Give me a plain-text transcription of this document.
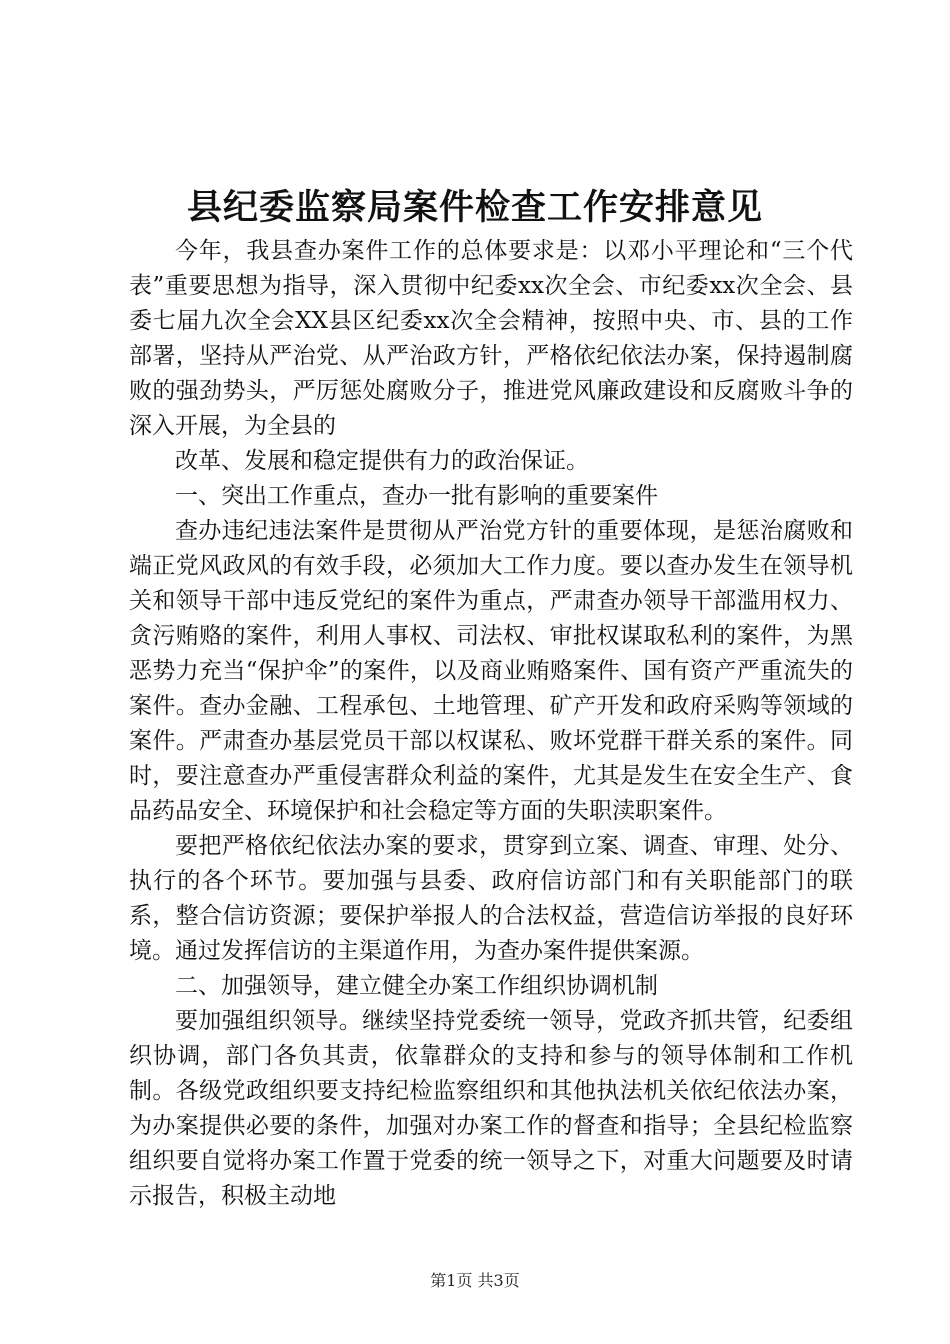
县纪委监察局案件检查工作安排意见

今年，我县查办案件工作的总体要求是：以邓小平理论和“三个代表”重要思想为指导，深入贯彻中纪委xx次全会、市纪委xx次全会、县委七届九次全会XX县区纪委xx次全会精神，按照中央、市、县的工作部署，坚持从严治党、从严治政方针，严格依纪依法办案，保持遏制腐败的强劲势头，严厉惩处腐败分子，推进党风廉政建设和反腐败斗争的深入开展，为全县的

改革、发展和稳定提供有力的政治保证。

一、突出工作重点，查办一批有影响的重要案件

查办违纪违法案件是贯彻从严治党方针的重要体现，是惩治腐败和端正党风政风的有效手段，必须加大工作力度。要以查办发生在领导机关和领导干部中违反党纪的案件为重点，严肃查办领导干部滥用权力、贪污贿赂的案件，利用人事权、司法权、审批权谋取私利的案件，为黑恶势力充当“保护伞”的案件，以及商业贿赂案件、国有资产严重流失的案件。查办金融、工程承包、土地管理、矿产开发和政府采购等领域的案件。严肃查办基层党员干部以权谋私、败坏党群干群关系的案件。同时，要注意查办严重侵害群众利益的案件，尤其是发生在安全生产、食品药品安全、环境保护和社会稳定等方面的失职渎职案件。

要把严格依纪依法办案的要求，贯穿到立案、调查、审理、处分、执行的各个环节。要加强与县委、政府信访部门和有关职能部门的联系，整合信访资源；要保护举报人的合法权益，营造信访举报的良好环境。通过发挥信访的主渠道作用，为查办案件提供案源。

二、加强领导，建立健全办案工作组织协调机制

要加强组织领导。继续坚持党委统一领导，党政齐抓共管，纪委组织协调，部门各负其责，依靠群众的支持和参与的领导体制和工作机制。各级党政组织要支持纪检监察组织和其他执法机关依纪依法办案，为办案提供必要的条件，加强对办案工作的督查和指导；全县纪检监察组织要自觉将办案工作置于党委的统一领导之下，对重大问题要及时请示报告，积极主动地

第1页 共3页
